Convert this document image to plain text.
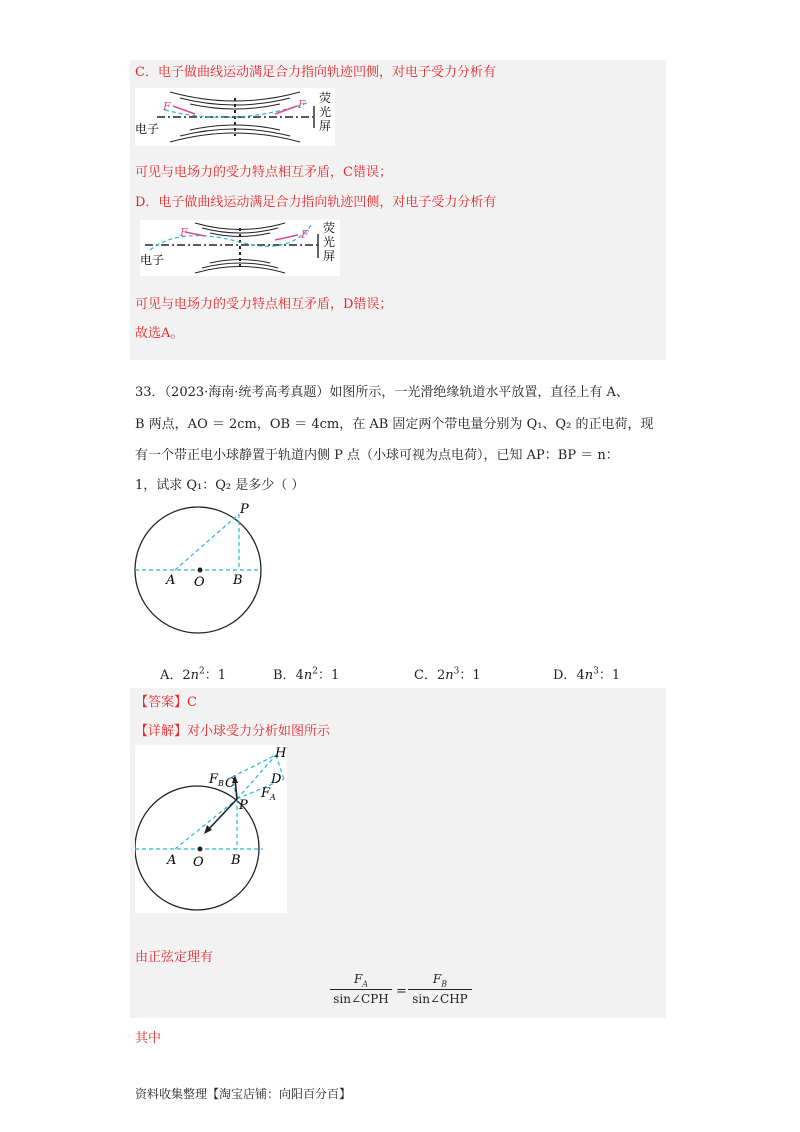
C．电子做曲线运动满足合力指向轨迹凹侧，对电子受力分析有
F	F 荧
光
屏
电子
可见与电场力的受力特点相互矛盾，C错误；
D．电子做曲线运动满足合力指向轨迹凹侧，对电子受力分析有
F	F 荧
光
屏
电子
可见与电场力的受力特点相互矛盾，D错误；
故选A。
33．（2023·海南·统考高考真题）如图所示，一光滑绝缘轨道水平放置，直径上有 A、
B 两点，AO ＝ 2cm，OB ＝ 4cm，在 AB 固定两个带电量分别为 Q₁、Q₂ 的正电荷，现
有一个带正电小球静置于轨道内侧 P 点（小球可视为点电荷），已知 AP：BP ＝ n：
1，试求 Q₁：Q₂ 是多少（ ）
P
A O B
A．$2n^2$：1	B．$4n^2$：1	C．$2n^3$：1	D．$4n^3$：1
【答案】C
【详解】对小球受力分析如图所示
H
C	D
P
$F_B$
$F_A$
A O B
由正弦定理有
$F_A$
sin∠CPH
=
$F_B$
sin∠CHP
其中
资料收集整理【淘宝店铺：向阳百分百】
